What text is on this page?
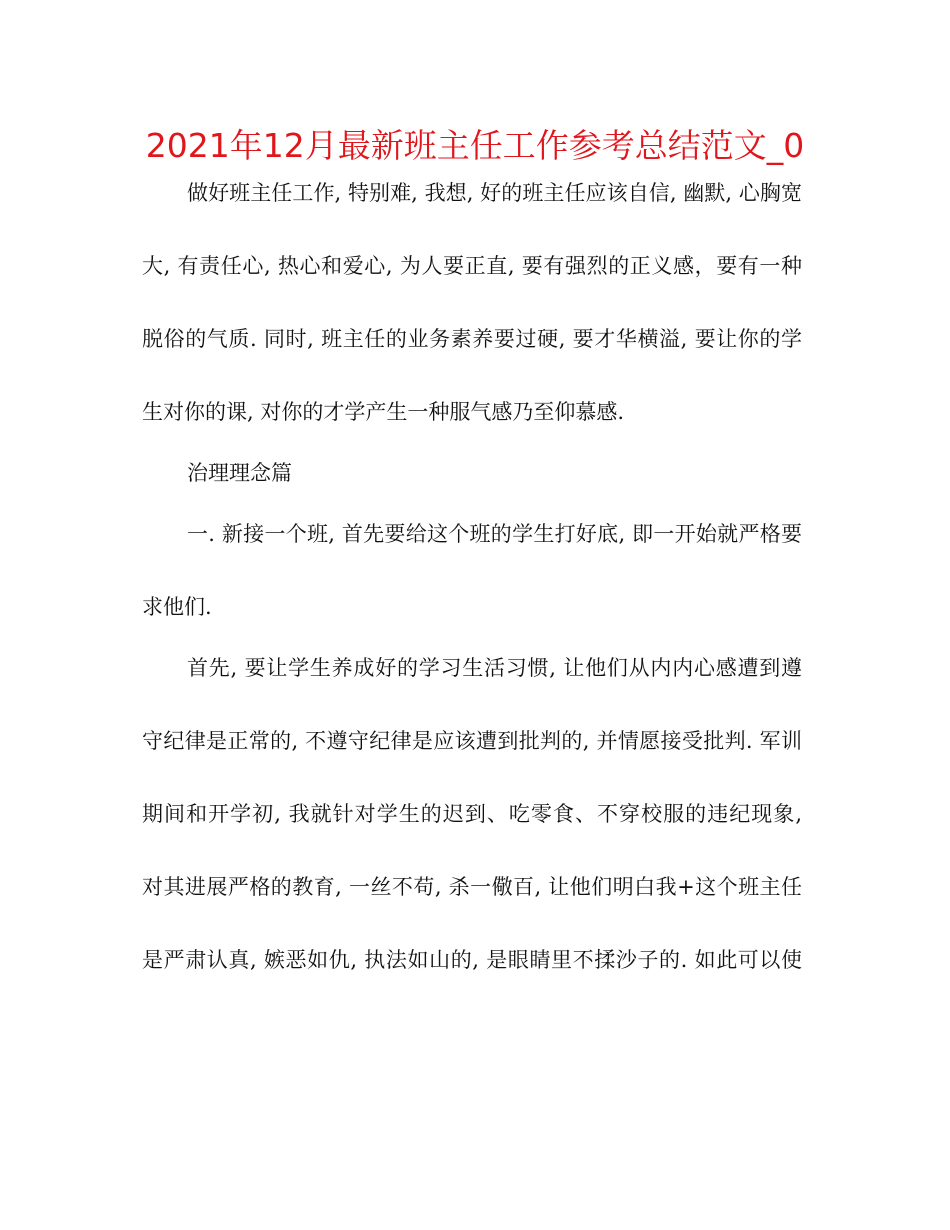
2021年12月最新班主任工作参考总结范文_0

做好班主任工作, 特别难, 我想, 好的班主任应该自信, 幽默, 心胸宽

大, 有责任心, 热心和爱心, 为人要正直, 要有强烈的正义感，要有一种

脱俗的气质. 同时, 班主任的业务素养要过硬, 要才华横溢, 要让你的学

生对你的课, 对你的才学产生一种服气感乃至仰慕感.

治理理念篇

一. 新接一个班, 首先要给这个班的学生打好底, 即一开始就严格要

求他们.

首先, 要让学生养成好的学习生活习惯, 让他们从内内心感遭到遵

守纪律是正常的, 不遵守纪律是应该遭到批判的, 并情愿接受批判. 军训

期间和开学初, 我就针对学生的迟到、吃零食、不穿校服的违纪现象,

对其进展严格的教育, 一丝不苟, 杀一儆百, 让他们明白我+这个班主任

是严肃认真, 嫉恶如仇, 执法如山的, 是眼睛里不揉沙子的. 如此可以使
